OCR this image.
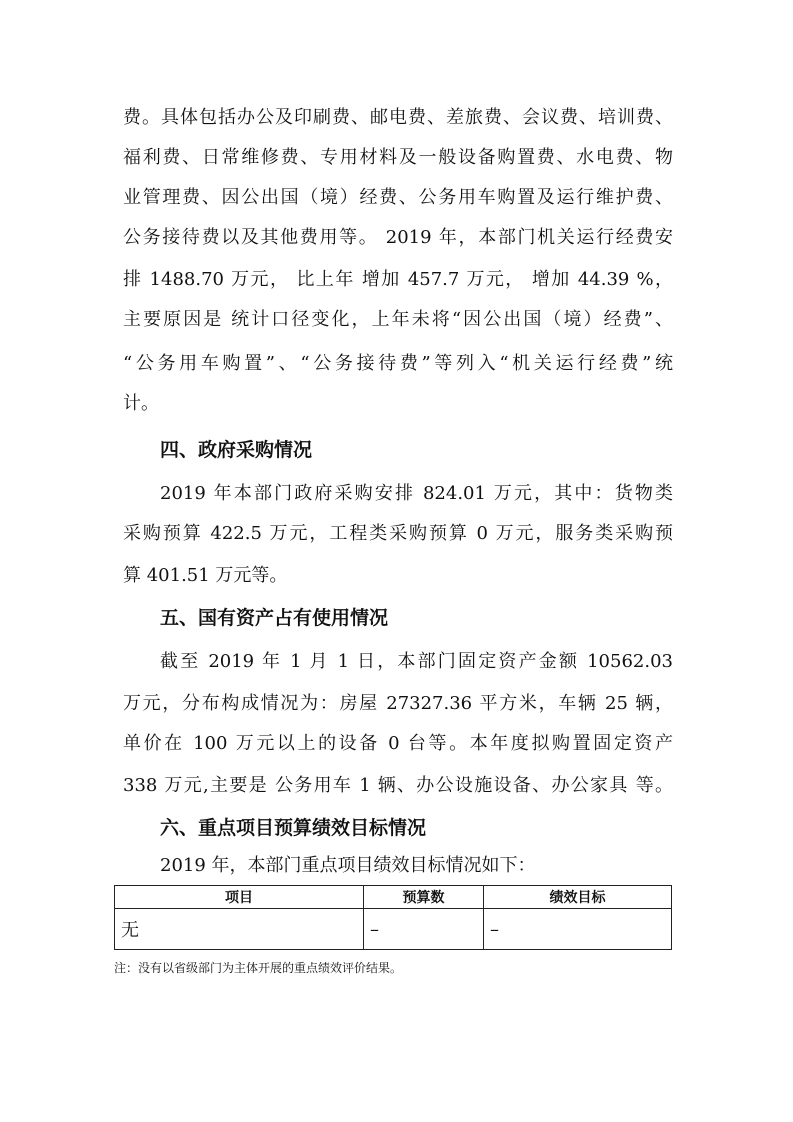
费。具体包括办公及印刷费、邮电费、差旅费、会议费、培训费、
福利费、日常维修费、专用材料及一般设备购置费、水电费、物
业管理费、因公出国（境）经费、公务用车购置及运行维护费、
公务接待费以及其他费用等。 2019 年，本部门机关运行经费安
排 1488.70 万元， 比上年 增加 457.7 万元， 增加 44.39 %，
主要原因是 统计口径变化，上年未将“因公出国（境）经费”、
“公务用车购置”、“公务接待费”等列入“机关运行经费”统
计。
四、政府采购情况
2019 年本部门政府采购安排 824.01 万元，其中：货物类
采购预算 422.5 万元，工程类采购预算 0 万元，服务类采购预
算 401.51 万元等。
五、国有资产占有使用情况
截至 2019 年 1 月 1 日，本部门固定资产金额 10562.03
万元，分布构成情况为：房屋 27327.36 平方米，车辆 25 辆，
单价在 100 万元以上的设备 0 台等。本年度拟购置固定资产
338 万元,主要是 公务用车 1 辆、办公设施设备、办公家具 等。
六、重点项目预算绩效目标情况
2019 年，本部门重点项目绩效目标情况如下：
项目	预算数	绩效目标
无	–	–
注：没有以省级部门为主体开展的重点绩效评价结果。
